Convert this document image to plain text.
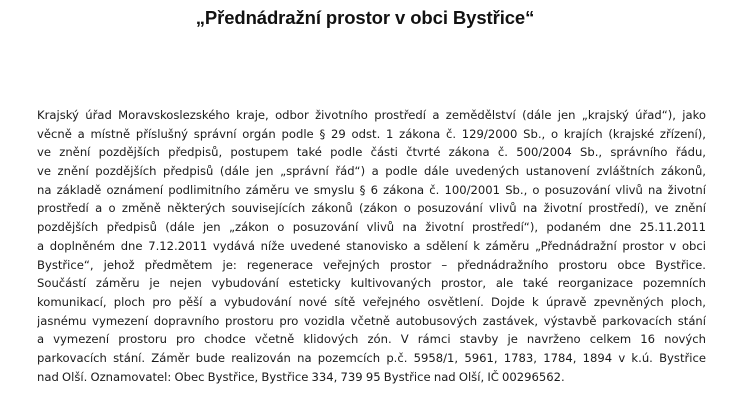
„Přednádražní prostor v obci Bystřice“
Krajský úřad Moravskoslezského kraje, odbor životního prostředí a zemědělství (dále jen „krajský úřad“), jako
věcně a místně příslušný správní orgán podle § 29 odst. 1 zákona č. 129/2000 Sb., o krajích (krajské zřízení),
ve znění pozdějších předpisů, postupem také podle části čtvrté zákona č. 500/2004 Sb., správního řádu,
ve znění pozdějších předpisů (dále jen „správní řád“) a podle dále uvedených ustanovení zvláštních zákonů,
na základě oznámení podlimitního záměru ve smyslu § 6 zákona č. 100/2001 Sb., o posuzování vlivů na životní
prostředí a o změně některých souvisejících zákonů (zákon o posuzování vlivů na životní prostředí), ve znění
pozdějších předpisů (dále jen „zákon o posuzování vlivů na životní prostředí“), podaném dne 25.11.2011
a doplněném dne 7.12.2011 vydává níže uvedené stanovisko a sdělení k záměru „Přednádražní prostor v obci
Bystřice“, jehož předmětem je: regenerace veřejných prostor – přednádražního prostoru obce Bystřice.
Součástí záměru je nejen vybudování esteticky kultivovaných prostor, ale také reorganizace pozemních
komunikací, ploch pro pěší a vybudování nové sítě veřejného osvětlení. Dojde k úpravě zpevněných ploch,
jasnému vymezení dopravního prostoru pro vozidla včetně autobusových zastávek, výstavbě parkovacích stání
a vymezení prostoru pro chodce včetně klidových zón. V rámci stavby je navrženo celkem 16 nových
parkovacích stání. Záměr bude realizován na pozemcích p.č. 5958/1, 5961, 1783, 1784, 1894 v k.ú. Bystřice
nad Olší. Oznamovatel: Obec Bystřice, Bystřice 334, 739 95 Bystřice nad Olší, IČ 00296562.
